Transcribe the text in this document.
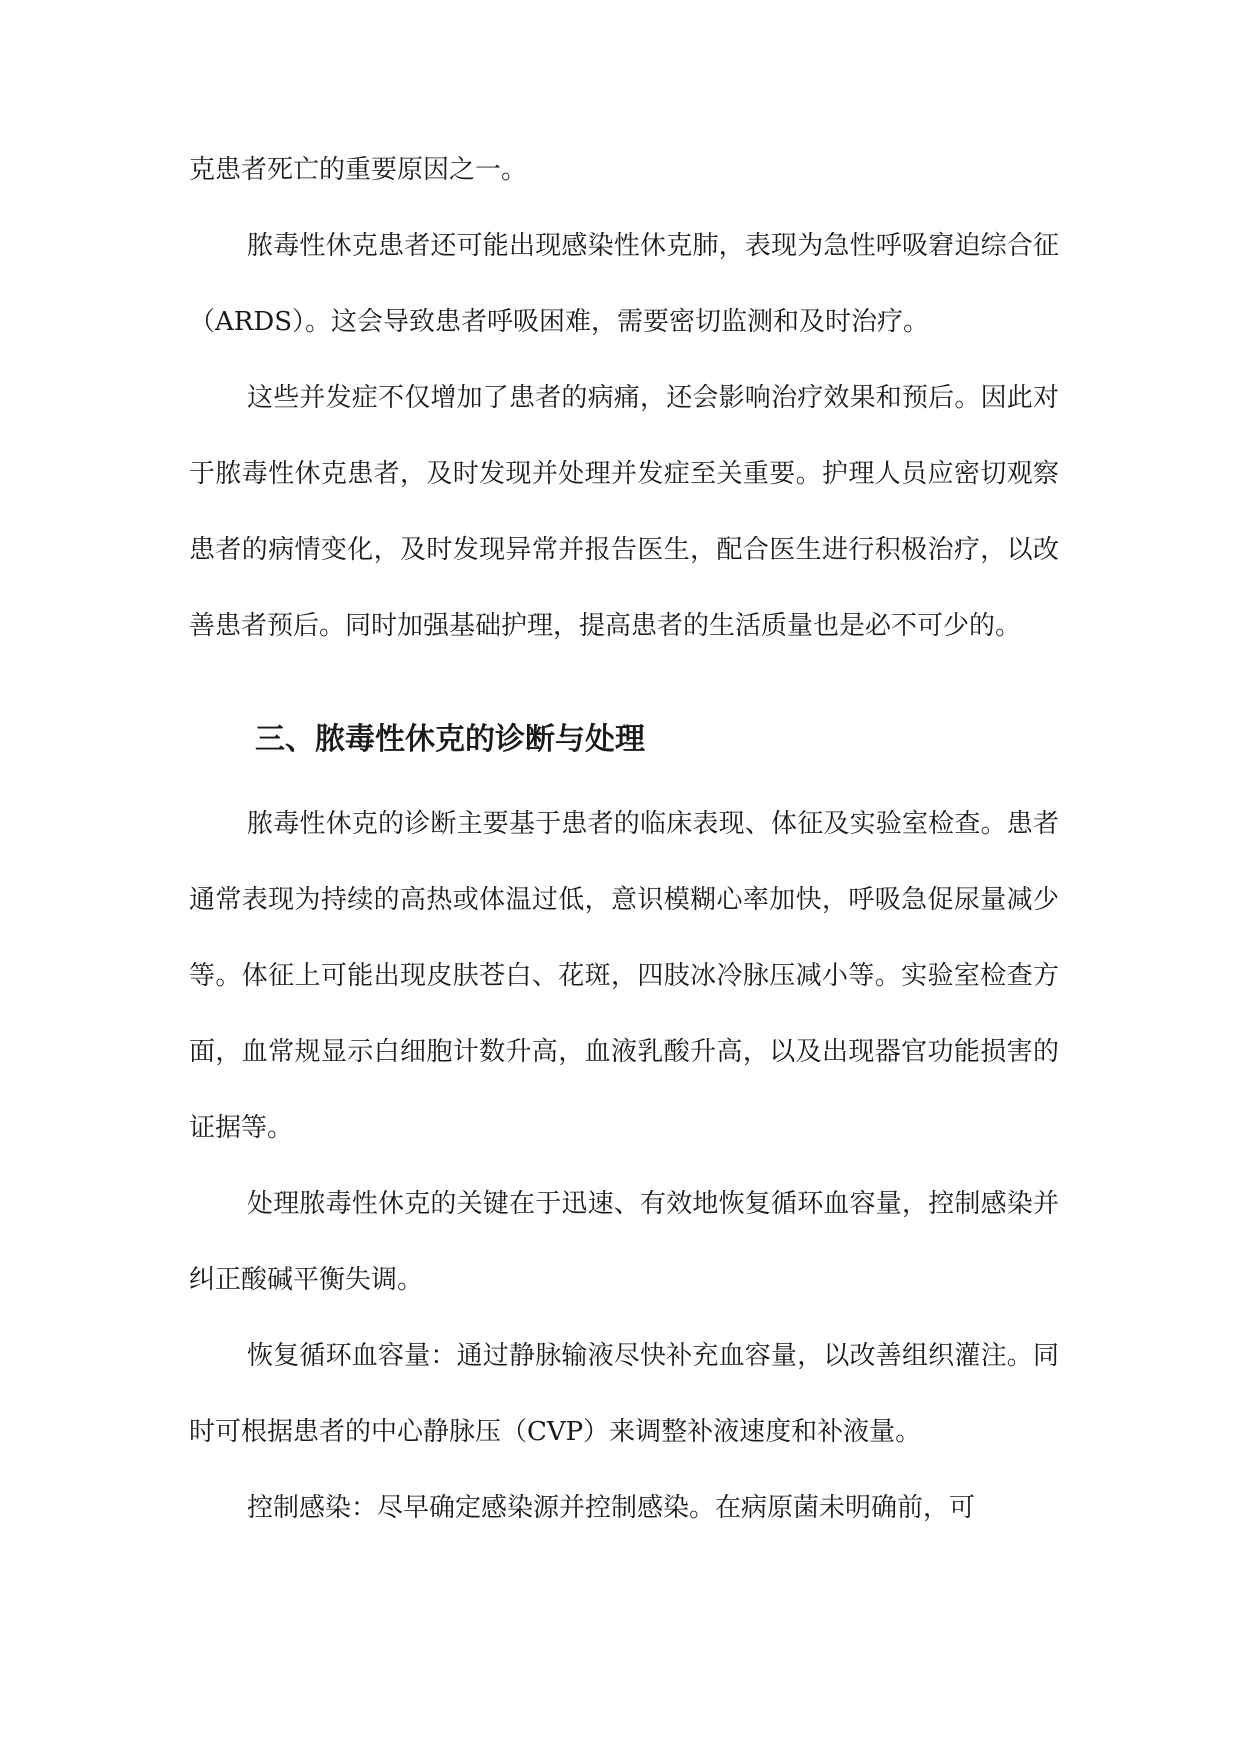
克患者死亡的重要原因之一。

脓毒性休克患者还可能出现感染性休克肺，表现为急性呼吸窘迫综合征（ARDS）。这会导致患者呼吸困难，需要密切监测和及时治疗。

这些并发症不仅增加了患者的病痛，还会影响治疗效果和预后。因此对于脓毒性休克患者，及时发现并处理并发症至关重要。护理人员应密切观察患者的病情变化，及时发现异常并报告医生，配合医生进行积极治疗，以改善患者预后。同时加强基础护理，提高患者的生活质量也是必不可少的。

三、脓毒性休克的诊断与处理

脓毒性休克的诊断主要基于患者的临床表现、体征及实验室检查。患者通常表现为持续的高热或体温过低，意识模糊心率加快，呼吸急促尿量减少等。体征上可能出现皮肤苍白、花斑，四肢冰冷脉压减小等。实验室检查方面，血常规显示白细胞计数升高，血液乳酸升高，以及出现器官功能损害的证据等。

处理脓毒性休克的关键在于迅速、有效地恢复循环血容量，控制感染并纠正酸碱平衡失调。

恢复循环血容量：通过静脉输液尽快补充血容量，以改善组织灌注。同时可根据患者的中心静脉压（CVP）来调整补液速度和补液量。

控制感染：尽早确定感染源并控制感染。在病原菌未明确前，可
